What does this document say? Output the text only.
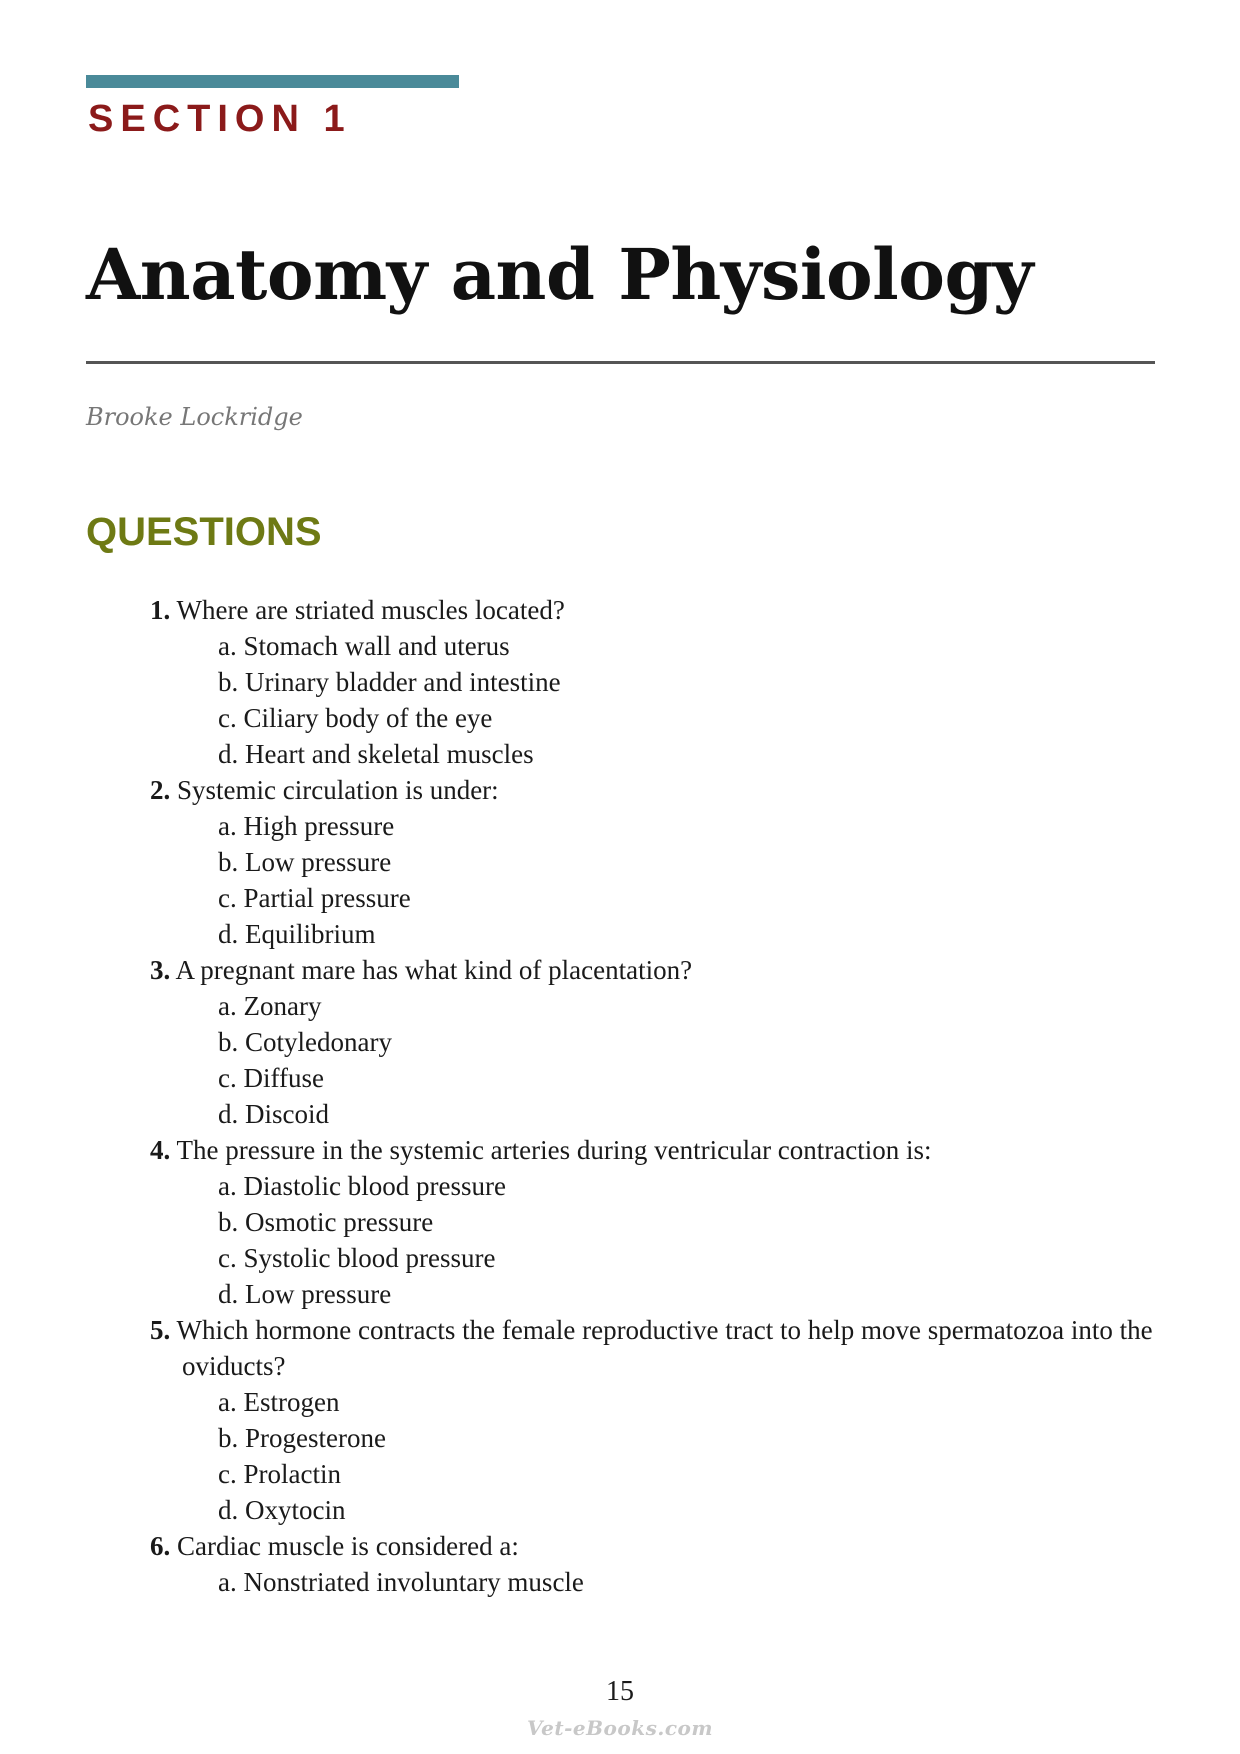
SECTION 1
Anatomy and Physiology
Brooke Lockridge
QUESTIONS
1. Where are striated muscles located?
a. Stomach wall and uterus
b. Urinary bladder and intestine
c. Ciliary body of the eye
d. Heart and skeletal muscles
2. Systemic circulation is under:
a. High pressure
b. Low pressure
c. Partial pressure
d. Equilibrium
3. A pregnant mare has what kind of placentation?
a. Zonary
b. Cotyledonary
c. Diffuse
d. Discoid
4. The pressure in the systemic arteries during ventricular contraction is:
a. Diastolic blood pressure
b. Osmotic pressure
c. Systolic blood pressure
d. Low pressure
5. Which hormone contracts the female reproductive tract to help move spermatozoa into the oviducts?
a. Estrogen
b. Progesterone
c. Prolactin
d. Oxytocin
6. Cardiac muscle is considered a:
a. Nonstriated involuntary muscle
15
Vet-eBooks.com
